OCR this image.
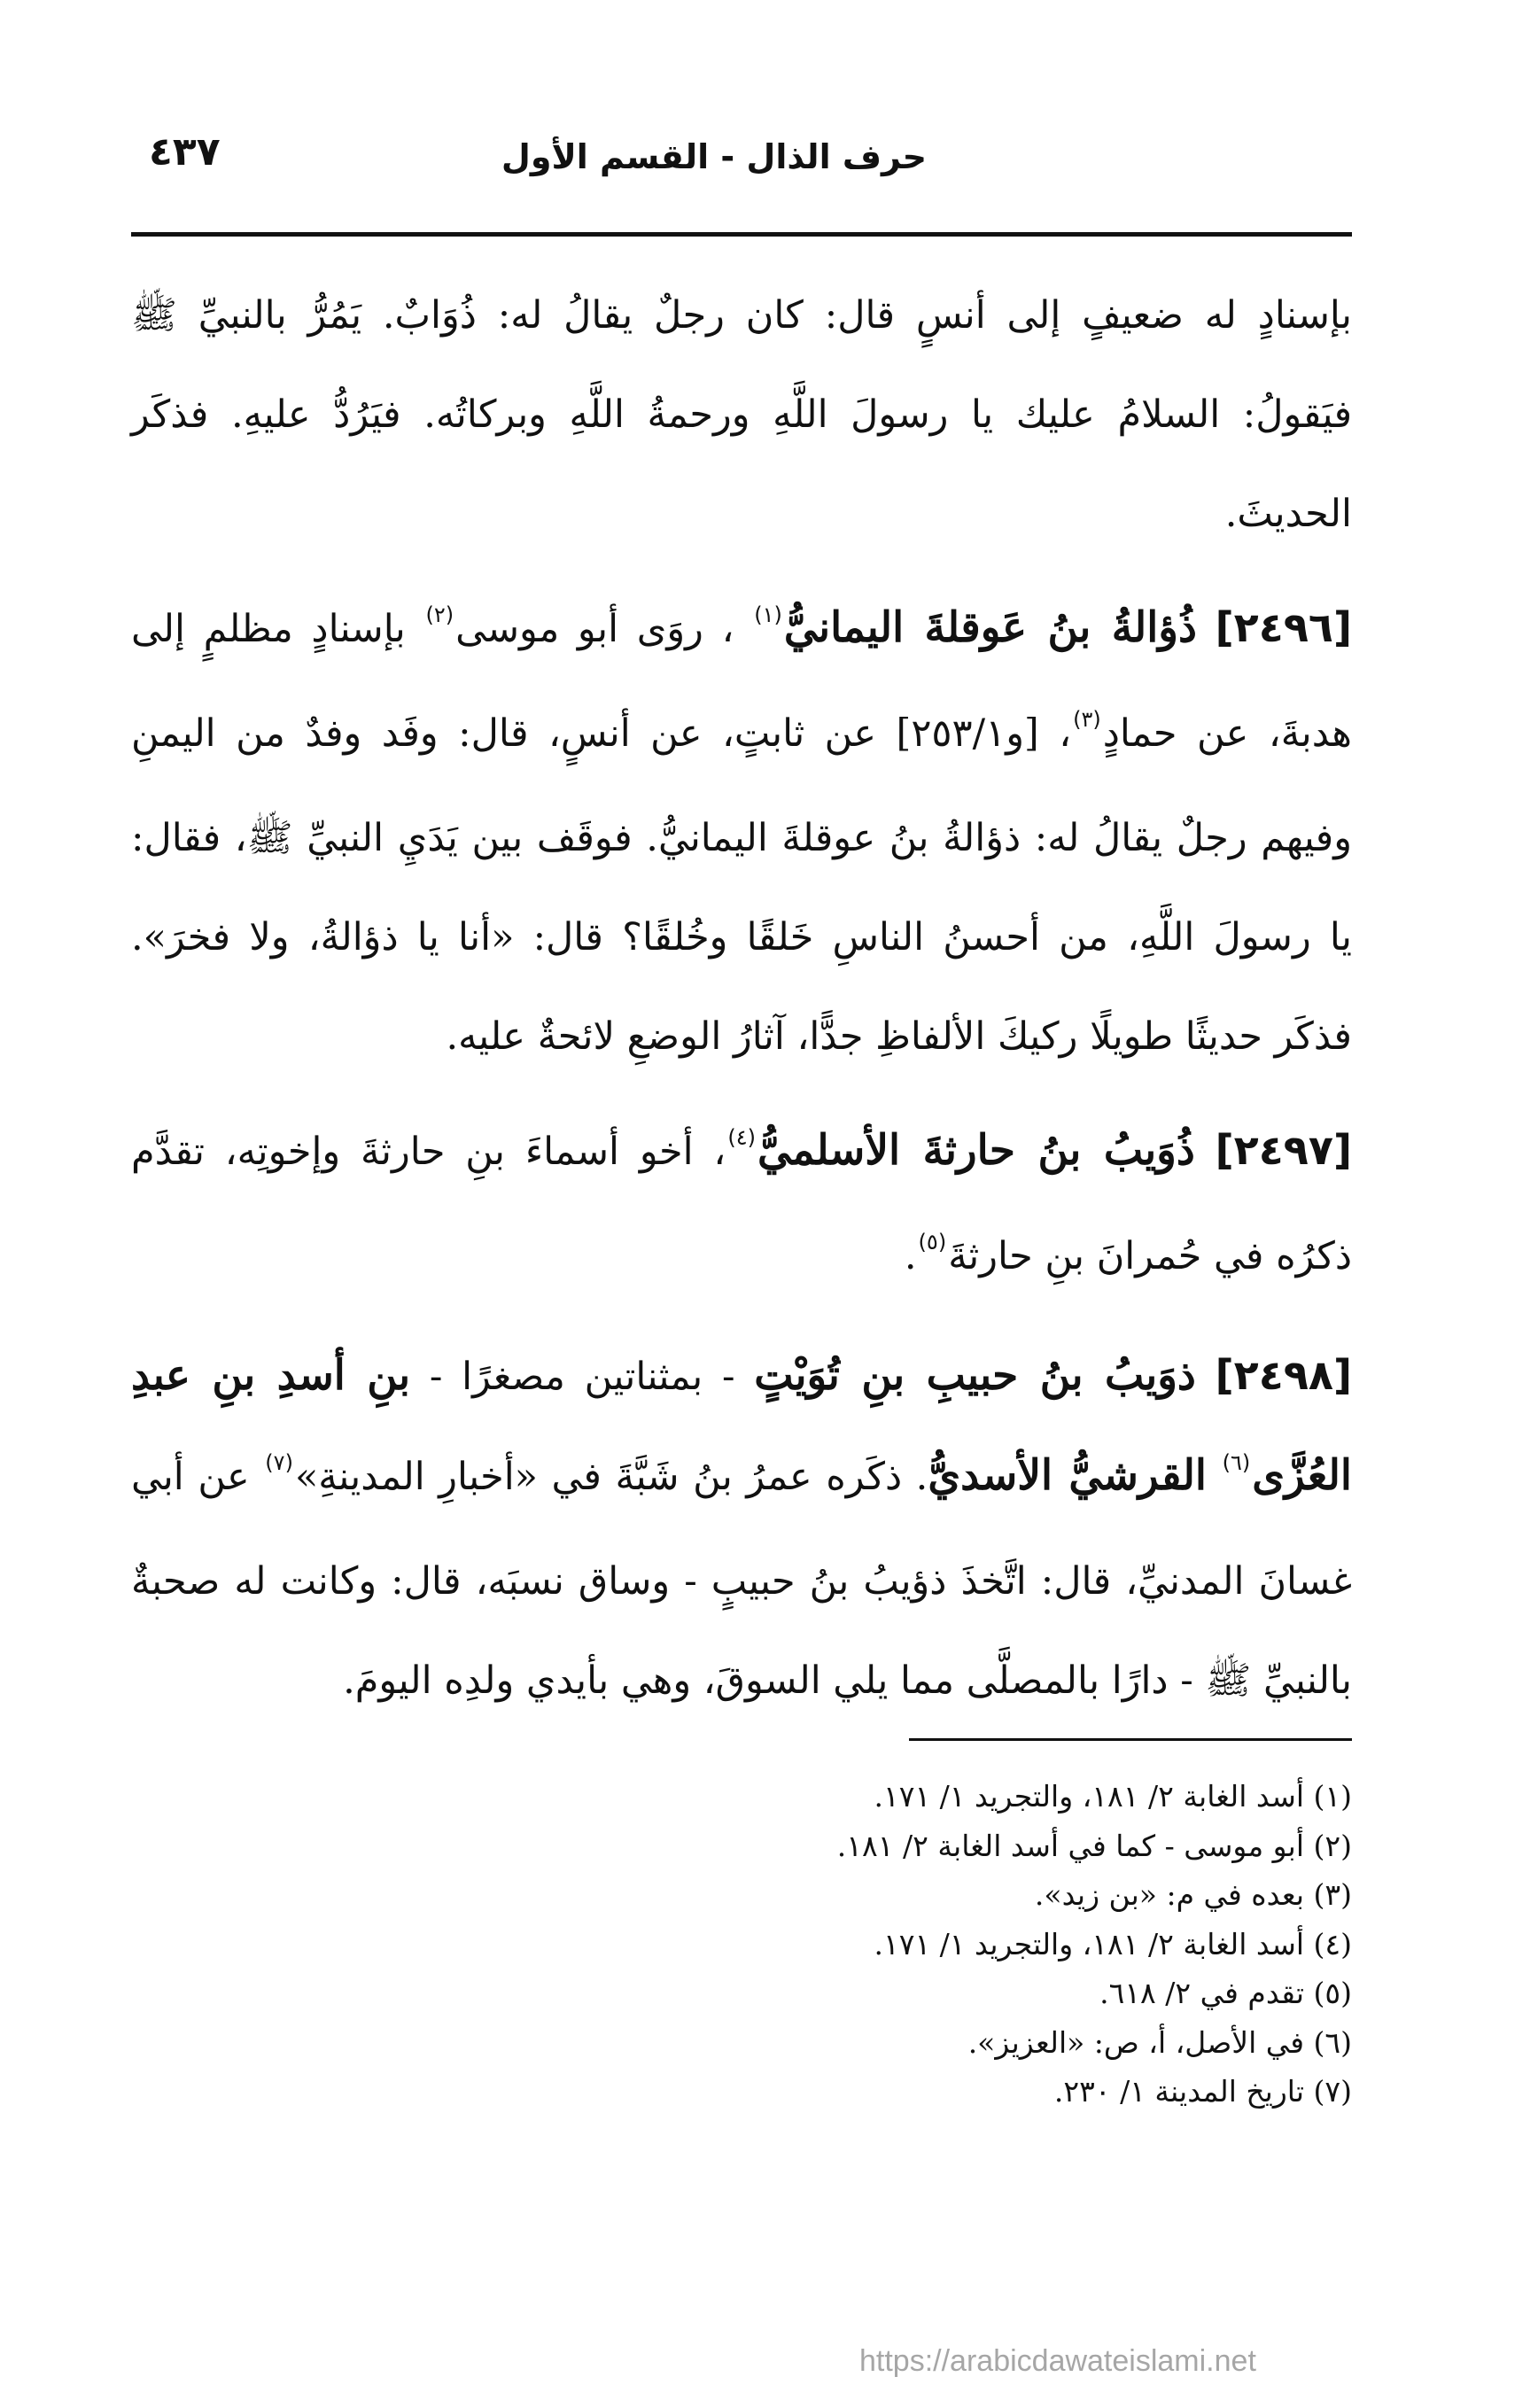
حرف الذال - القسم الأول
٤٣٧

بإسنادٍ له ضعيفٍ إلى أنسٍ قال: كان رجلٌ يقالُ له: ذُوَابٌ. يَمُرُّ بالنبيِّ ﷺ فيَقولُ: السلامُ عليك يا رسولَ اللَّهِ ورحمةُ اللَّهِ وبركاتُه. فيَرُدُّ عليهِ. فذكَر الحديثَ.

[٢٤٩٦] ذُؤالةُ بنُ عَوقلةَ اليمانيُّ$^{(١)}$ ، روَى أبو موسى$^{(٢)}$ بإسنادٍ مظلمٍ إلى هدبةَ، عن حمادٍ$^{(٣)}$، [و٢٥٣/١] عن ثابتٍ، عن أنسٍ، قال: وفَد وفدٌ من اليمنِ وفيهم رجلٌ يقالُ له: ذؤالةُ بنُ عوقلةَ اليمانيُّ. فوقَف بين يَدَيِ النبيِّ ﷺ، فقال: يا رسولَ اللَّهِ، من أحسنُ الناسِ خَلقًا وخُلقًا؟ قال: «أنا يا ذؤالةُ، ولا فخرَ». فذكَر حديثًا طويلًا ركيكَ الألفاظِ جدًّا، آثارُ الوضعِ لائحةٌ عليه.

[٢٤٩٧] ذُوَيبُ بنُ حارثةَ الأسلميُّ$^{(٤)}$، أخو أسماءَ بنِ حارثةَ وإخوتِه، تقدَّم ذكرُه في حُمرانَ بنِ حارثةَ$^{(٥)}$.

[٢٤٩٨] ذوَيبُ بنُ حبيبِ بنِ تُوَيْتٍ - بمثناتين مصغرًا - بنِ أسدِ بنِ عبدِ العُزَّى$^{(٦)}$ القرشيُّ الأسديُّ. ذكَره عمرُ بنُ شَبَّةَ في «أخبارِ المدينةِ»$^{(٧)}$ عن أبي غسانَ المدنيِّ، قال: اتَّخذَ ذؤيبُ بنُ حبيبٍ - وساق نسبَه، قال: وكانت له صحبةٌ بالنبيِّ ﷺ - دارًا بالمصلَّى مما يلي السوقَ، وهي بأيدي ولدِه اليومَ.

(١) أسد الغابة ٢/ ١٨١، والتجريد ١/ ١٧١.
(٢) أبو موسى - كما في أسد الغابة ٢/ ١٨١.
(٣) بعده في م: «بن زيد».
(٤) أسد الغابة ٢/ ١٨١، والتجريد ١/ ١٧١.
(٥) تقدم في ٢/ ٦١٨.
(٦) في الأصل، أ، ص: «العزيز».
(٧) تاريخ المدينة ١/ ٢٣٠.
https://arabicdawateislami.net
